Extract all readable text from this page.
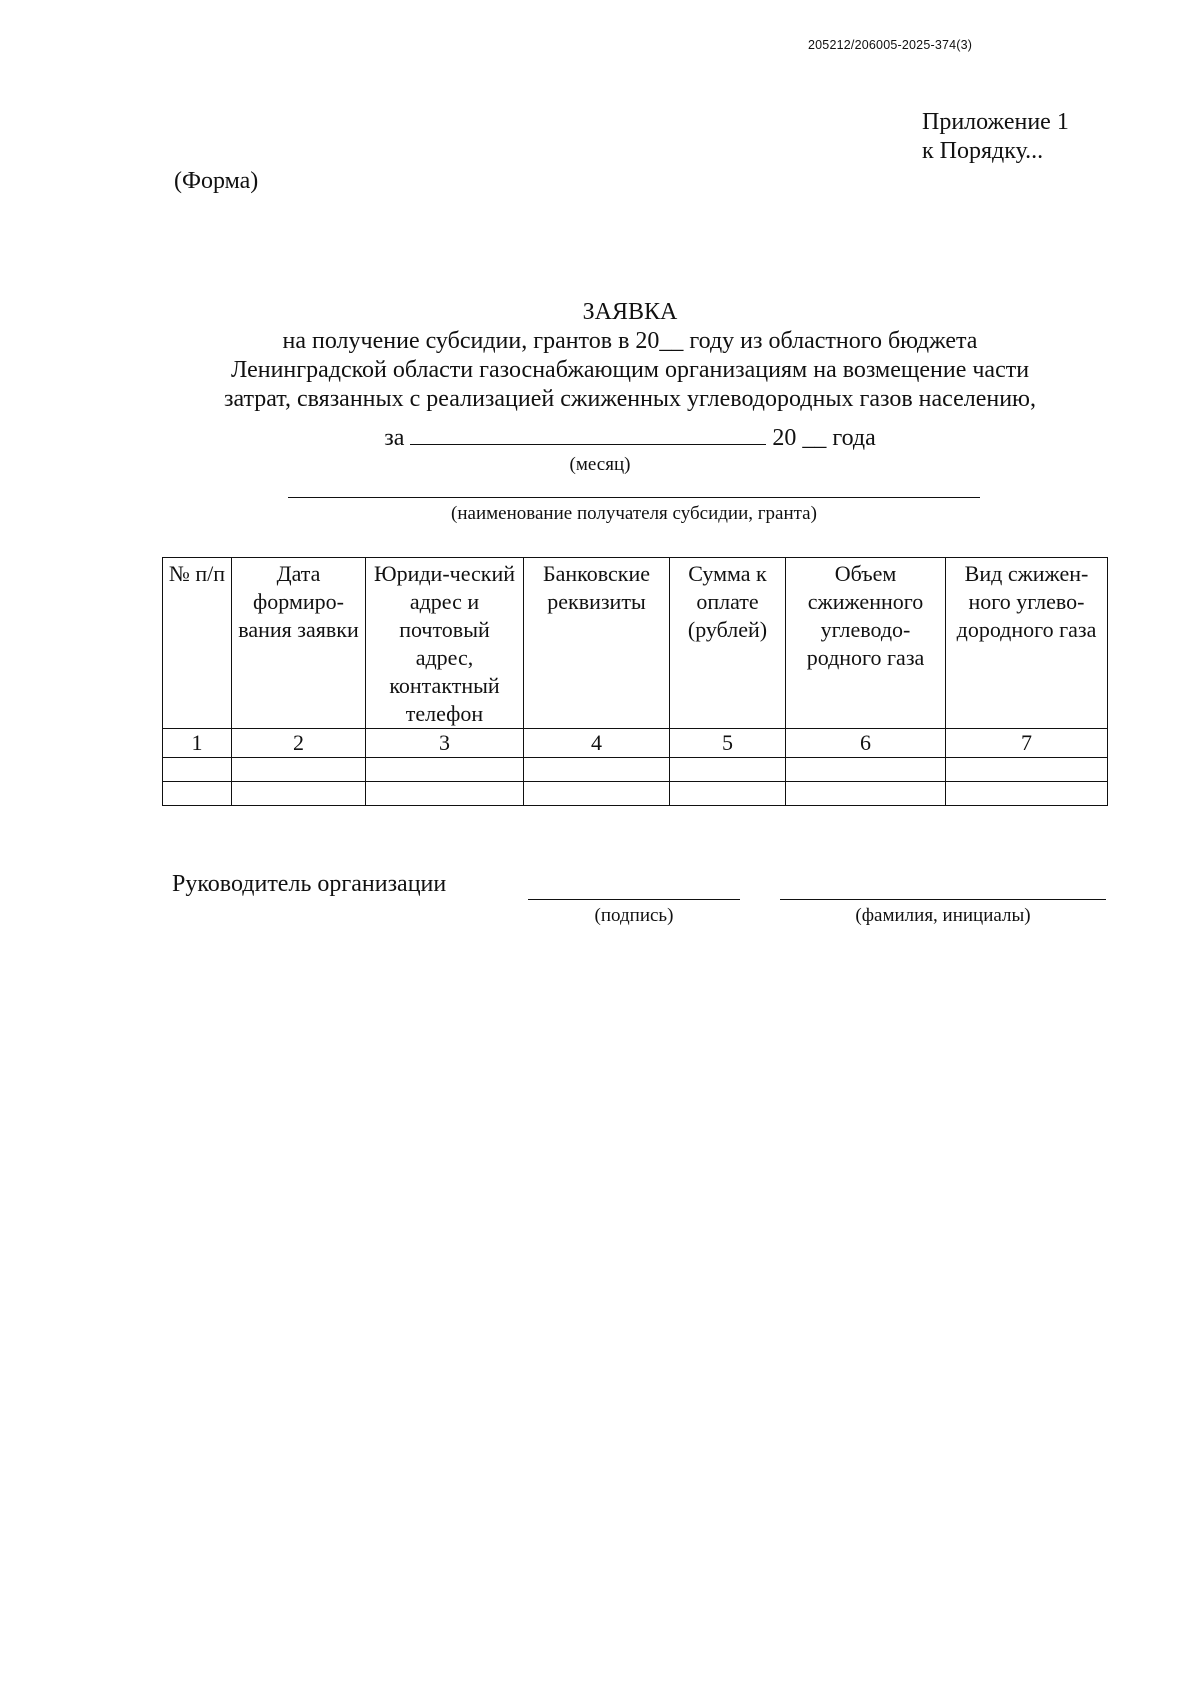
205212/206005-2025-374(3)
Приложение 1
к Порядку...
(Форма)
ЗАЯВКА
на получение субсидии, грантов в 20__ году из областного бюджета
Ленинградской области газоснабжающим организациям на возмещение части
затрат, связанных с реализацией сжиженных углеводородных газов населению,
за	20 __ года
(месяц)
(наименование получателя субсидии, гранта)
№ п/п	Дата формиро-вания заявки	Юриди-ческий адрес и почтовый адрес, контактный телефон	Банковские реквизиты	Сумма к оплате (рублей)	Объем сжиженного углеводо-родного газа	Вид сжижен-ного углево-дородного газа
1	2	3	4	5	6	7

Руководитель организации
(подпись)	(фамилия, инициалы)
